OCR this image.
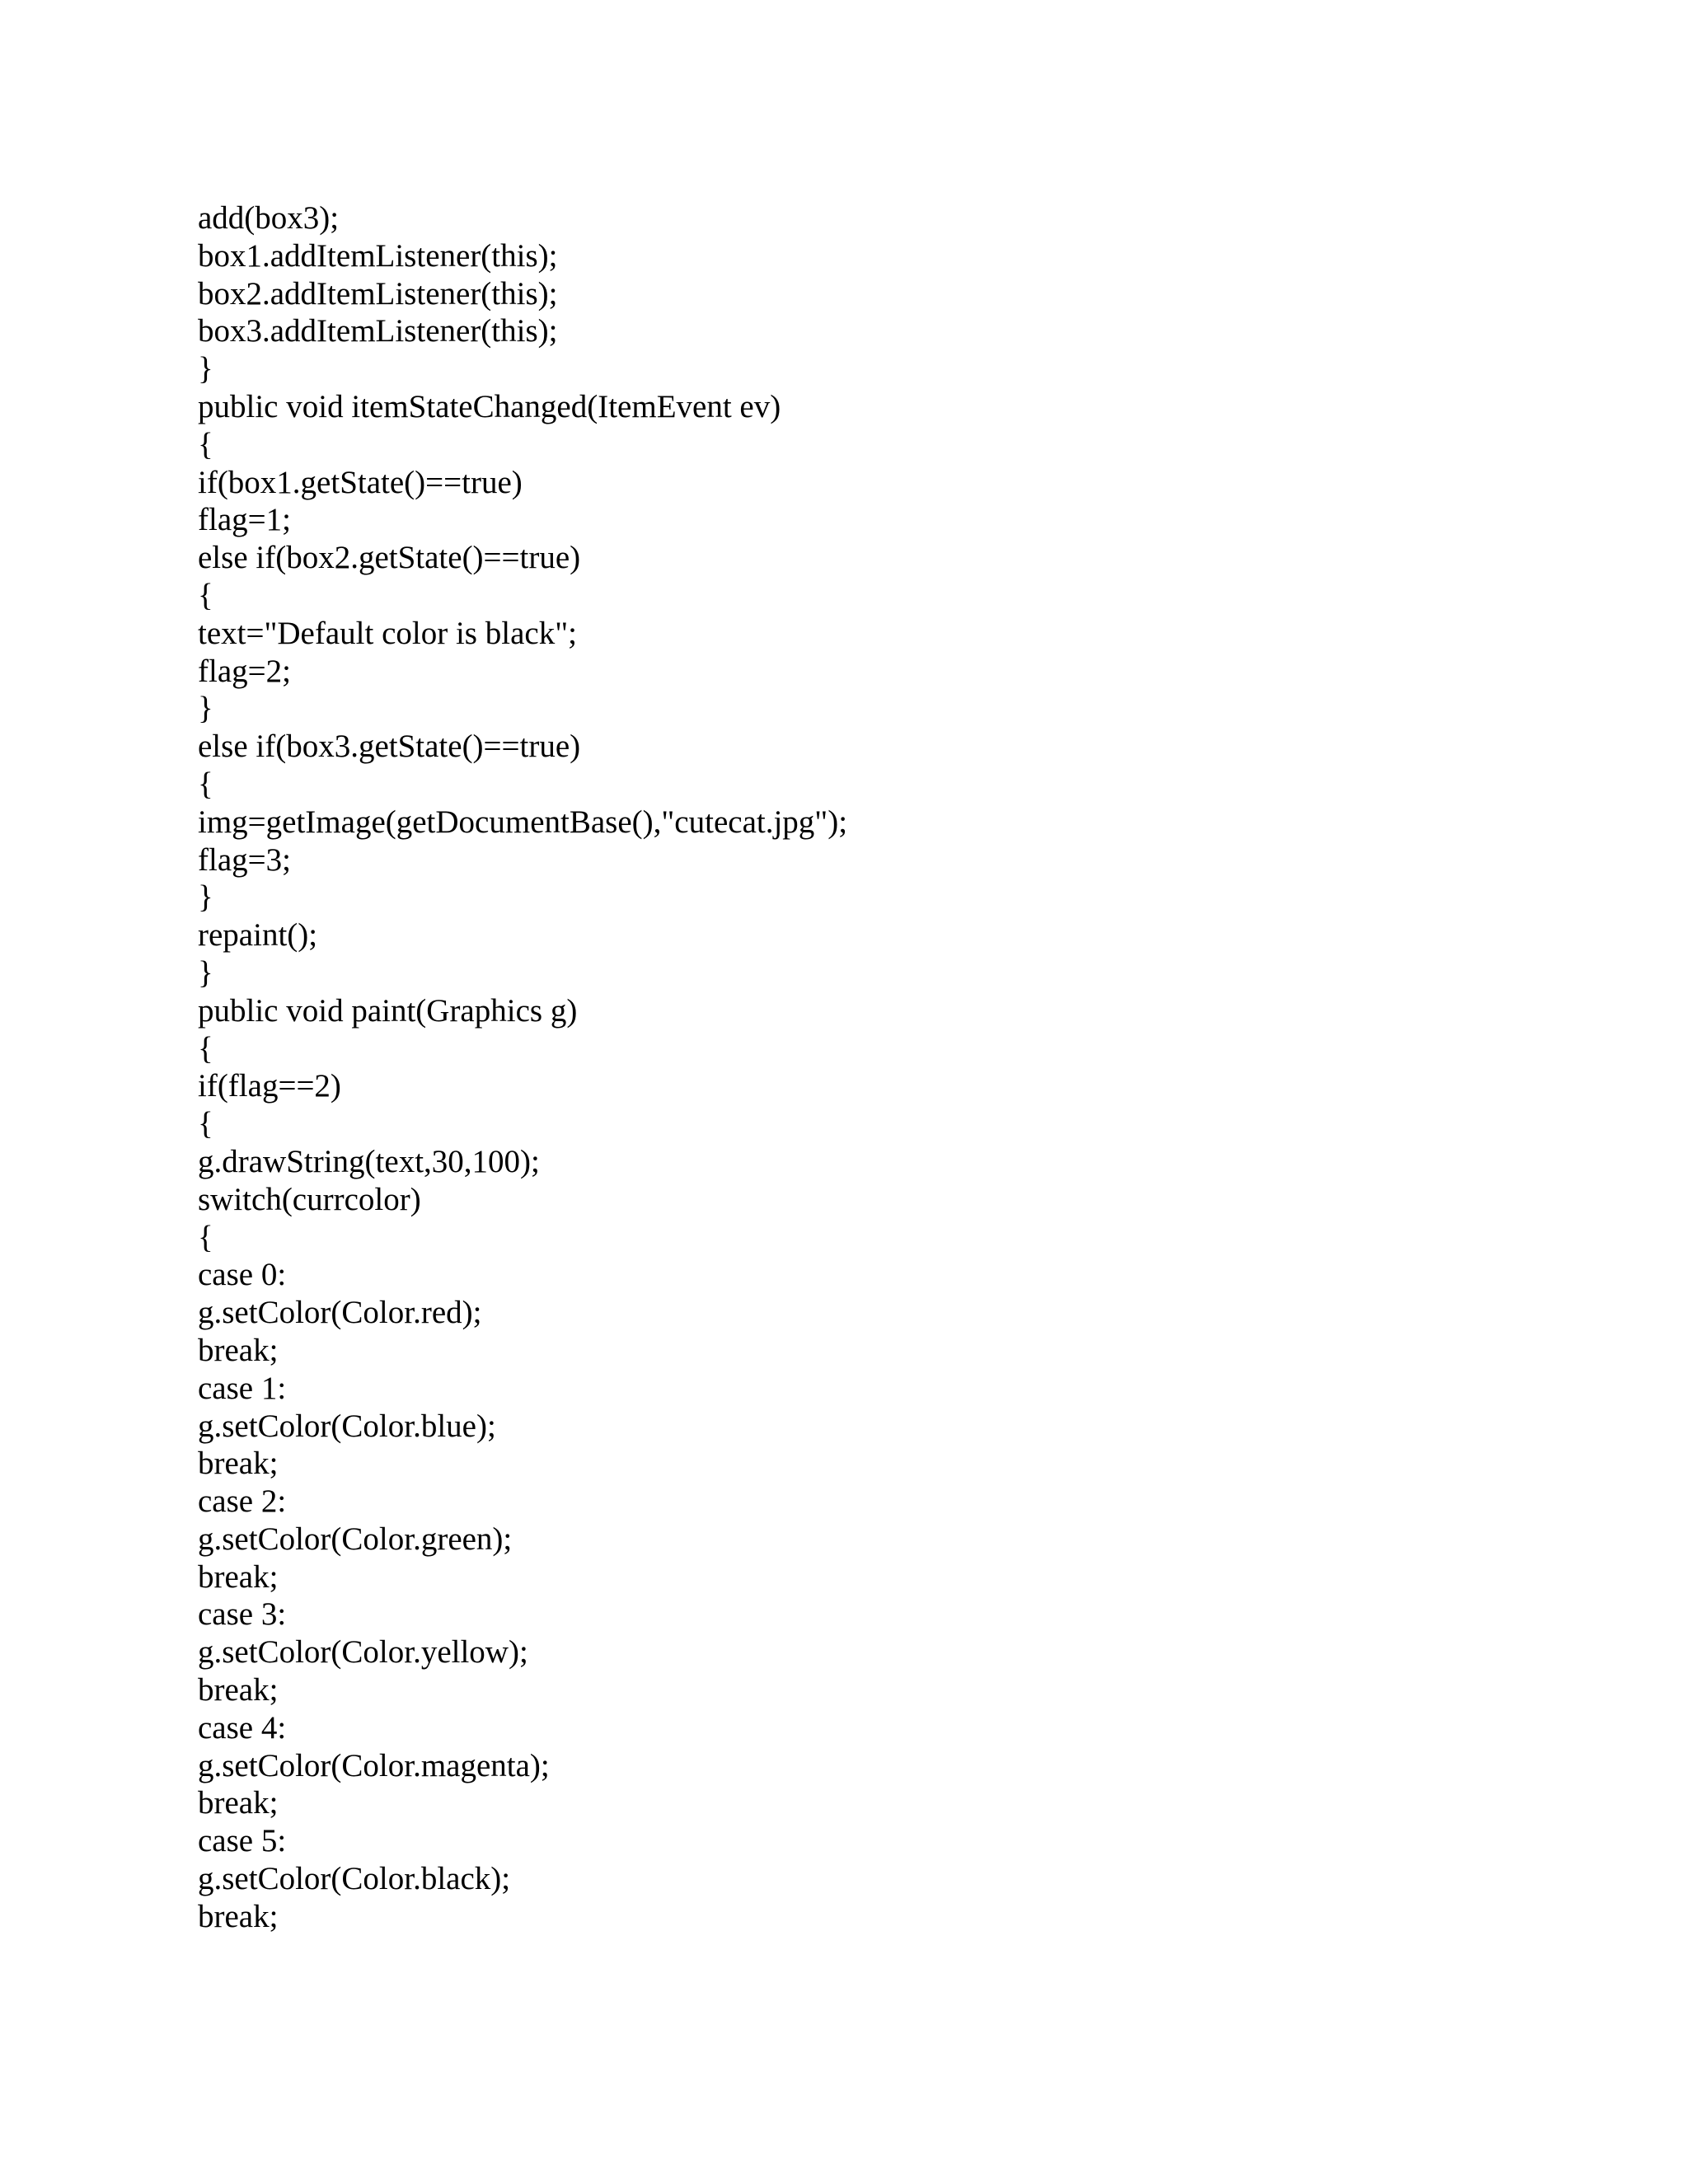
add(box3);
box1.addItemListener(this);
box2.addItemListener(this);
box3.addItemListener(this);
}
public void itemStateChanged(ItemEvent ev)
{
if(box1.getState()==true)
flag=1;
else if(box2.getState()==true)
{
text="Default color is black";
flag=2;
}
else if(box3.getState()==true)
{
img=getImage(getDocumentBase(),"cutecat.jpg");
flag=3;
}
repaint();
}
public void paint(Graphics g)
{
if(flag==2)
{
g.drawString(text,30,100);
switch(currcolor)
{
case 0:
g.setColor(Color.red);
break;
case 1:
g.setColor(Color.blue);
break;
case 2:
g.setColor(Color.green);
break;
case 3:
g.setColor(Color.yellow);
break;
case 4:
g.setColor(Color.magenta);
break;
case 5:
g.setColor(Color.black);
break;
